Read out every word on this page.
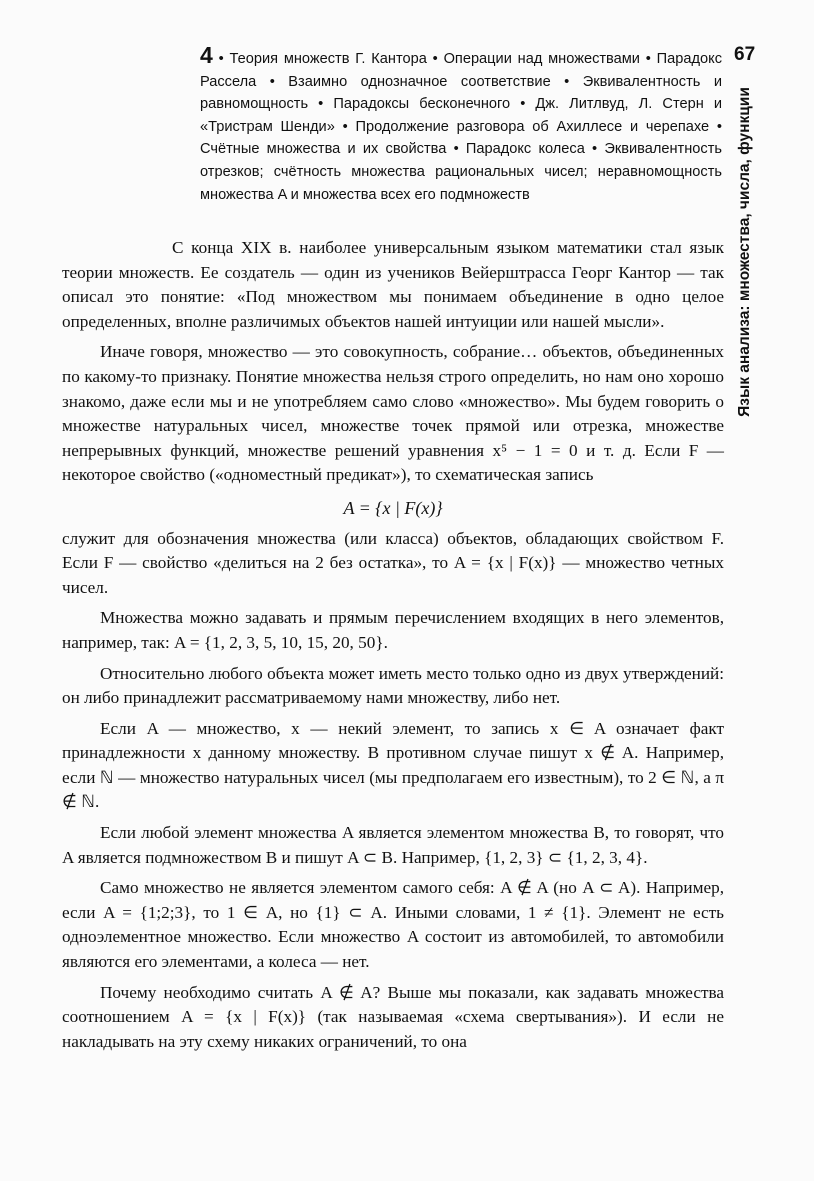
67
Язык анализа: множества, числа, функции
4 • Теория множеств Г. Кантора • Операции над множествами • Парадокс Рассела • Взаимно однозначное соответствие • Эквивалентность и равномощность • Парадоксы бесконечного • Дж. Литлвуд, Л. Стерн и «Тристрам Шенди» • Продолжение разговора об Ахиллесе и черепахе • Счётные множества и их свойства • Парадокс колеса • Эквивалентность отрезков; счётность множества рациональных чисел; неравномощность множества A и множества всех его подмножеств

С конца XIX в. наиболее универсальным языком математики стал язык теории множеств. Ее создатель — один из учеников Вейерштрасса Георг Кантор — так описал это понятие: «Под множеством мы понимаем объединение в одно целое определенных, вполне различимых объектов нашей интуиции или нашей мысли».

Иначе говоря, множество — это совокупность, собрание… объектов, объединенных по какому-то признаку. Понятие множества нельзя строго определить, но нам оно хорошо знакомо, даже если мы и не употребляем само слово «множество». Мы будем говорить о множестве натуральных чисел, множестве точек прямой или отрезка, множестве непрерывных функций, множестве решений уравнения x⁵ − 1 = 0 и т. д. Если F — некоторое свойство («одноместный предикат»), то схематическая запись

A = {x | F(x)}

служит для обозначения множества (или класса) объектов, обладающих свойством F. Если F — свойство «делиться на 2 без остатка», то A = {x | F(x)} — множество четных чисел.

Множества можно задавать и прямым перечислением входящих в него элементов, например, так: A = {1, 2, 3, 5, 10, 15, 20, 50}.

Относительно любого объекта может иметь место только одно из двух утверждений: он либо принадлежит рассматриваемому нами множеству, либо нет.

Если A — множество, x — некий элемент, то запись x ∈ A означает факт принадлежности x данному множеству. В противном случае пишут x ∉ A. Например, если ℕ — множество натуральных чисел (мы предполагаем его известным), то 2 ∈ ℕ, а π ∉ ℕ.

Если любой элемент множества A является элементом множества B, то говорят, что A является подмножеством B и пишут A ⊂ B. Например, {1, 2, 3} ⊂ {1, 2, 3, 4}.

Само множество не является элементом самого себя: A ∉ A (но A ⊂ A). Например, если A = {1;2;3}, то 1 ∈ A, но {1} ⊂ A. Иными словами, 1 ≠ {1}. Элемент не есть одноэлементное множество. Если множество A состоит из автомобилей, то автомобили являются его элементами, а колеса — нет.

Почему необходимо считать A ∉ A? Выше мы показали, как задавать множества соотношением A = {x | F(x)} (так называемая «схема свертывания»). И если не накладывать на эту схему никаких ограничений, то она
